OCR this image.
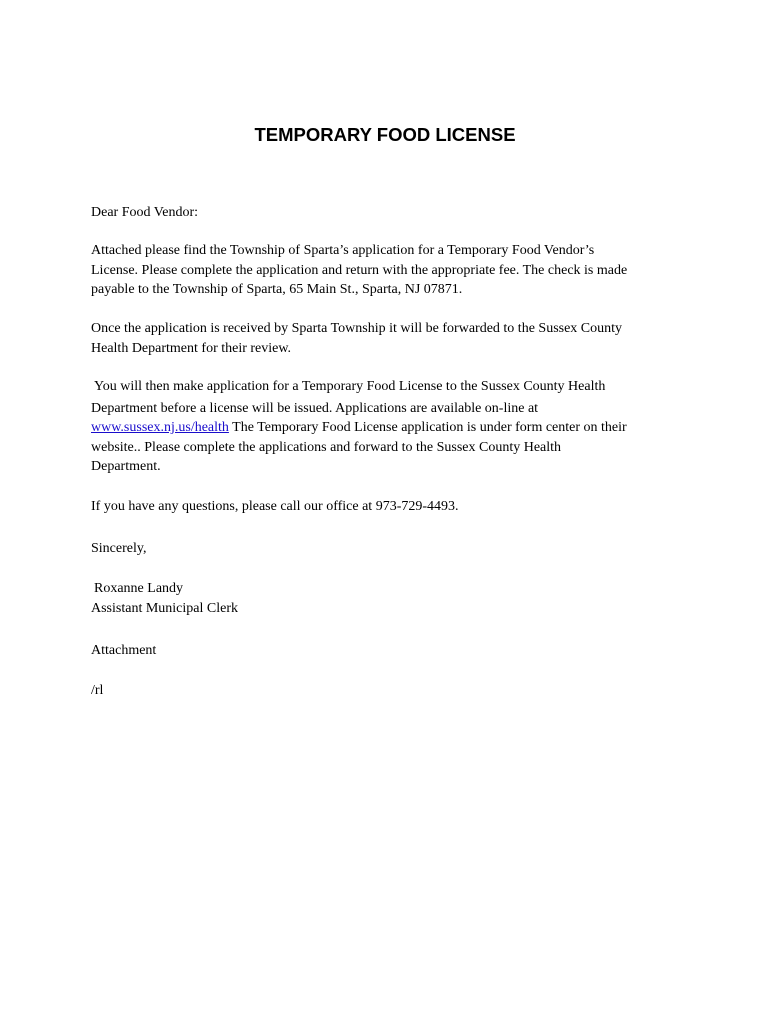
TEMPORARY FOOD LICENSE

Dear Food Vendor:

Attached please find the Township of Sparta’s application for a Temporary Food Vendor’s
License. Please complete the application and return with the appropriate fee. The check is made
payable to the Township of Sparta, 65 Main St., Sparta, NJ 07871.

Once the application is received by Sparta Township it will be forwarded to the Sussex County
Health Department for their review.

You will then make application for a Temporary Food License to the Sussex County Health
Department before a license will be issued. Applications are available on-line at
www.sussex.nj.us/health The Temporary Food License application is under form center on their
website.. Please complete the applications and forward to the Sussex County Health
Department.

If you have any questions, please call our office at 973-729-4493.

Sincerely,

Roxanne Landy
Assistant Municipal Clerk

Attachment

/rl
